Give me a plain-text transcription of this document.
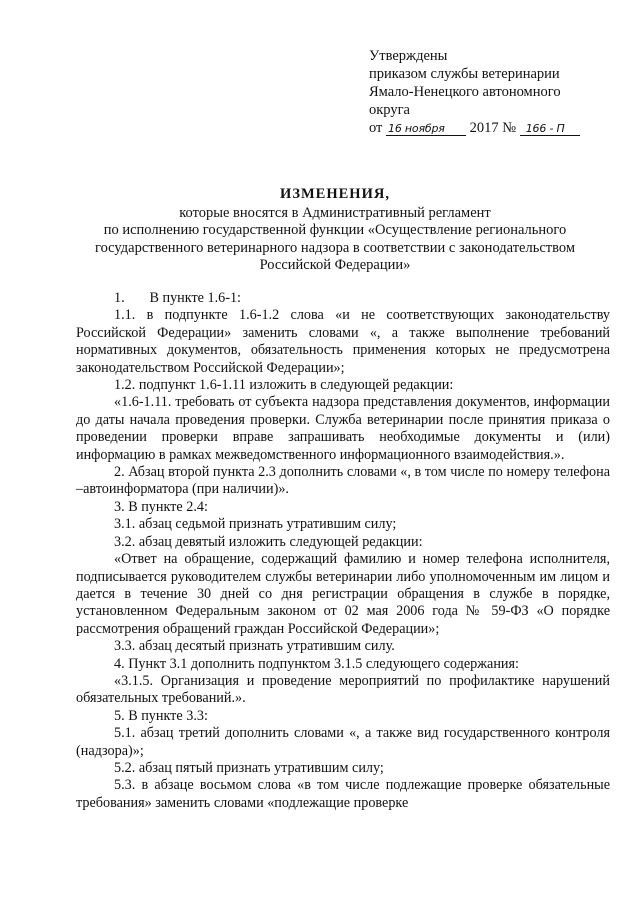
Утверждены
приказом службы ветеринарии
Ямало-Ненецкого автономного
округа
от 16 ноября 2017 № 166 - П
ИЗМЕНЕНИЯ,
которые вносятся в Административный регламент
по исполнению государственной функции «Осуществление регионального
государственного ветеринарного надзора в соответствии с законодательством
Российской Федерации»

1.       В пункте 1.6-1:

1.1. в подпункте 1.6-1.2 слова «и не соответствующих законодательству Российской Федерации» заменить словами «, а также выполнение требований нормативных документов, обязательность применения которых не предусмотрена законодательством Российской Федерации»;

1.2. подпункт 1.6-1.11 изложить в следующей редакции:

«1.6-1.11. требовать от субъекта надзора представления документов, информации до даты начала проведения проверки. Служба ветеринарии после принятия приказа о проведении проверки вправе запрашивать необходимые документы и (или) информацию в рамках межведомственного информационного взаимодействия.».

2. Абзац второй пункта 2.3 дополнить словами «, в том числе по номеру телефона –автоинформатора (при наличии)».

3. В пункте 2.4:

3.1. абзац седьмой признать утратившим силу;

3.2. абзац девятый изложить следующей редакции:

«Ответ на обращение, содержащий фамилию и номер телефона исполнителя, подписывается руководителем службы ветеринарии либо уполномоченным им лицом и дается в течение 30 дней со дня регистрации обращения в службе в порядке, установленном Федеральным законом от 02 мая 2006 года № 59-ФЗ «О порядке рассмотрения обращений граждан Российской Федерации»;

3.3. абзац десятый признать утратившим силу.

4. Пункт 3.1 дополнить подпунктом 3.1.5 следующего содержания:

«3.1.5. Организация и проведение мероприятий по профилактике нарушений обязательных требований.».

5. В пункте 3.3:

5.1. абзац третий дополнить словами «, а также вид государственного контроля (надзора)»;

5.2. абзац пятый признать утратившим силу;

5.3. в абзаце восьмом слова «в том числе подлежащие проверке обязательные требования» заменить словами «подлежащие проверке
